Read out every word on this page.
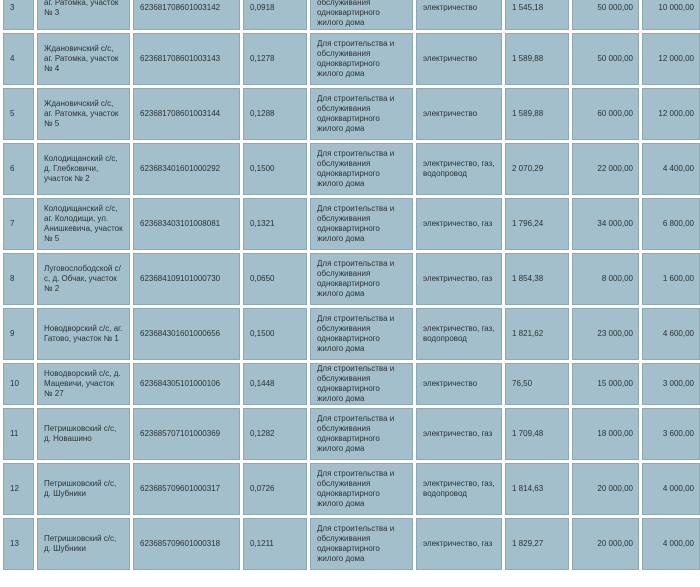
3	аг. Ратомка, участок № 3	623681708601003142	0,0918	обслуживания одноквартирного жилого дома	электричество	1 545,18	50 000,00	10 000,00
4	Ждановичский с/с, аг. Ратомка, участок № 4	623681708601003143	0,1278	Для строительства и обслуживания одноквартирного жилого дома	электричество	1 589,88	50 000,00	12 000,00
5	Ждановичский с/с, аг. Ратомка, участок № 5	623681708601003144	0,1288	Для строительства и обслуживания одноквартирного жилого дома	электричество	1 589,88	60 000,00	12 000,00
6	Колодищанский с/с, д. Глебковичи, участок № 2	623683401601000292	0,1500	Для строительства и обслуживания одноквартирного жилого дома	электричество, газ, водопровод	2 070,29	22 000,00	4 400,00
7	Колодищанский с/с, аг. Колодищи, ул. Анишкевича, участок № 5	623683403101008081	0,1321	Для строительства и обслуживания одноквартирного жилого дома	электричество, газ	1 796,24	34 000,00	6 800,00
8	Луговослободской с/с, д. Обчак, участок № 2	623684109101000730	0,0650	Для строительства и обслуживания одноквартирного жилого дома	электричество, газ	1 854,38	8 000,00	1 600,00
9	Новодворский с/с, аг. Гатово, участок № 1	623684301601000656	0,1500	Для строительства и обслуживания одноквартирного жилого дома	электричество, газ, водопровод	1 821,62	23 000,00	4 600,00
10	Новодворский с/с, д. Мацевичи, участок № 27	623684305101000106	0,1448	Для строительства и обслуживания одноквартирного жилого дома	электричество	76,50	15 000,00	3 000,00
11	Петришковский с/с, д. Новашино	623685707101000369	0,1282	Для строительства и обслуживания одноквартирного жилого дома	электричество, газ	1 709,48	18 000,00	3 600,00
12	Петришковский с/с, д. Шубники	623685709601000317	0,0726	Для строительства и обслуживания одноквартирного жилого дома	электричество, газ, водопровод	1 814,63	20 000,00	4 000,00
13	Петришковский с/с, д. Шубники	623685709601000318	0,1211	Для строительства и обслуживания одноквартирного жилого дома	электричество, газ	1 829,27	20 000,00	4 000,00
